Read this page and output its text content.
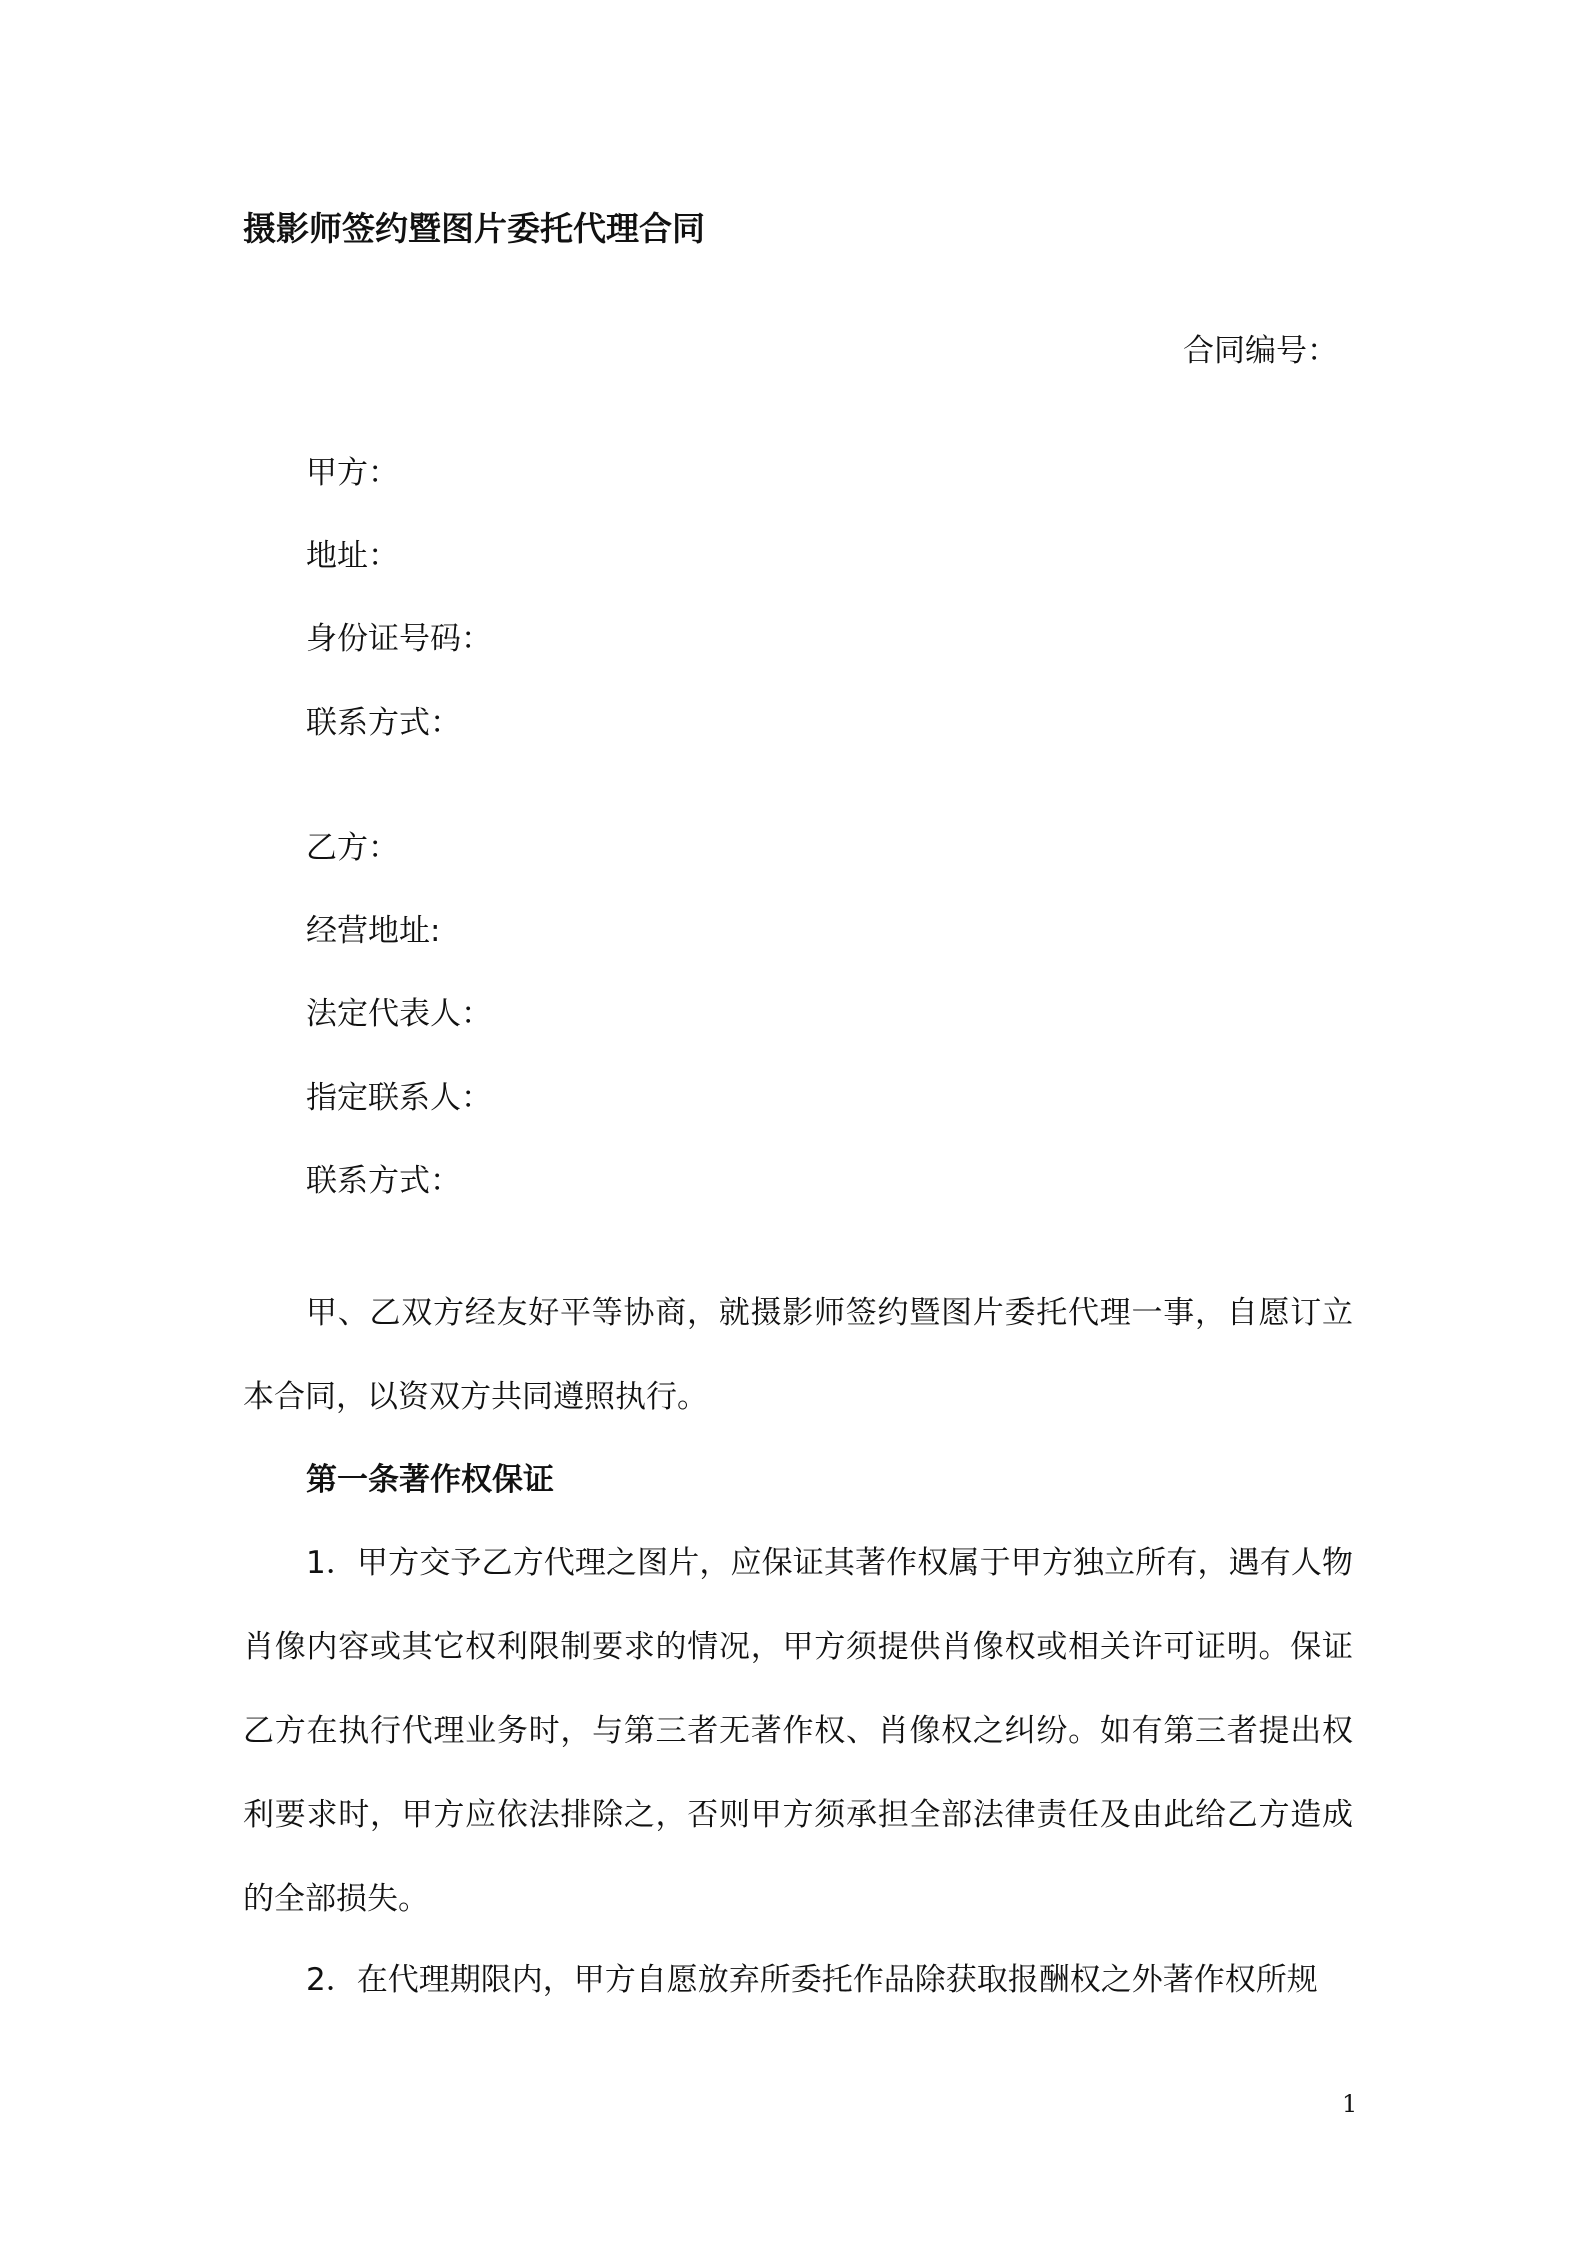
摄影师签约暨图片委托代理合同
合同编号：
甲方：
地址：
身份证号码：
联系方式：
乙方：
经营地址:
法定代表人：
指定联系人：
联系方式：
甲、乙双方经友好平等协商，就摄影师签约暨图片委托代理一事，自愿订立本合同，以资双方共同遵照执行。
第一条著作权保证
1．甲方交予乙方代理之图片，应保证其著作权属于甲方独立所有，遇有人物肖像内容或其它权利限制要求的情况，甲方须提供肖像权或相关许可证明。保证乙方在执行代理业务时，与第三者无著作权、肖像权之纠纷。如有第三者提出权利要求时，甲方应依法排除之，否则甲方须承担全部法律责任及由此给乙方造成的全部损失。
2．在代理期限内，甲方自愿放弃所委托作品除获取报酬权之外著作权所规
1
